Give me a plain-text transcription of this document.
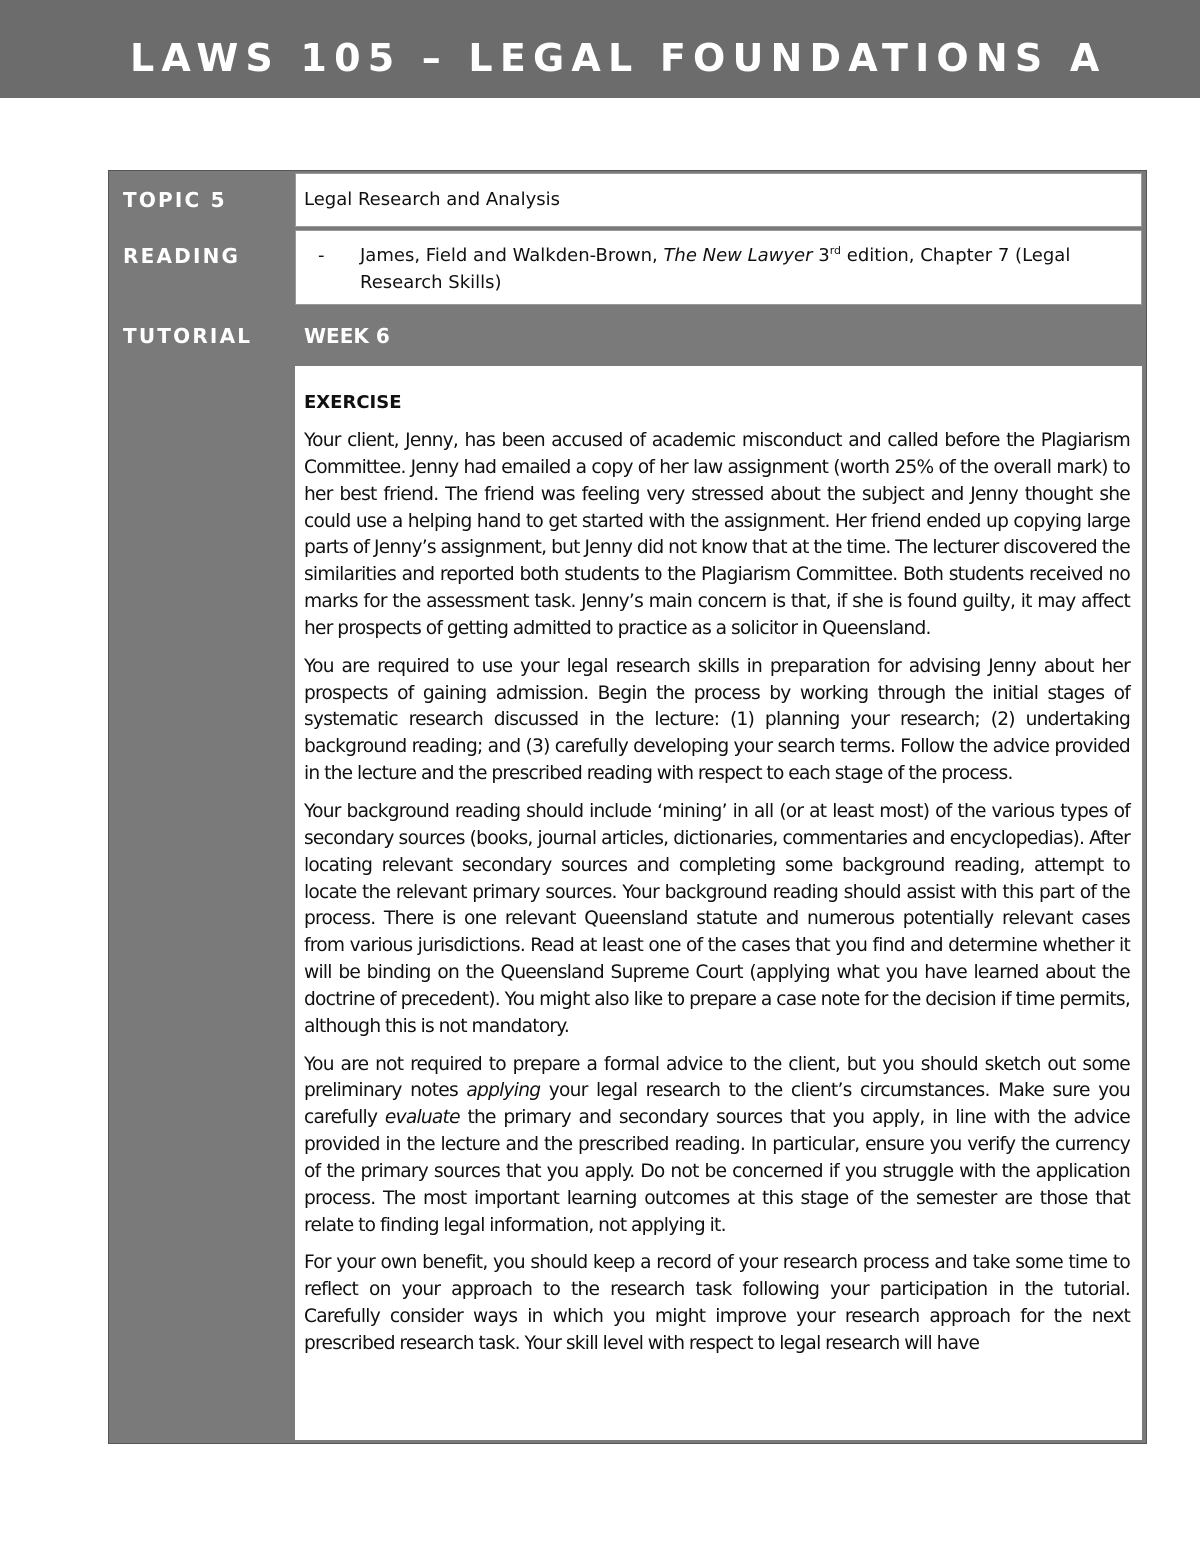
LAWS 105 – LEGAL FOUNDATIONS A
TOPIC 5	Legal Research and Analysis
READING	- James, Field and Walkden-Brown, The New Lawyer 3rd edition, Chapter 7 (Legal
Research Skills)
TUTORIAL	WEEK 6
EXERCISE

Your client, Jenny, has been accused of academic misconduct and called before the Plagiarism Committee. Jenny had emailed a copy of her law assignment (worth 25% of the overall mark) to her best friend. The friend was feeling very stressed about the subject and Jenny thought she could use a helping hand to get started with the assignment. Her friend ended up copying large parts of Jenny’s assignment, but Jenny did not know that at the time. The lecturer discovered the similarities and reported both students to the Plagiarism Committee. Both students received no marks for the assessment task. Jenny’s main concern is that, if she is found guilty, it may affect her prospects of getting admitted to practice as a solicitor in Queensland.

You are required to use your legal research skills in preparation for advising Jenny about her prospects of gaining admission. Begin the process by working through the initial stages of systematic research discussed in the lecture: (1) planning your research; (2) undertaking background reading; and (3) carefully developing your search terms. Follow the advice provided in the lecture and the prescribed reading with respect to each stage of the process.

Your background reading should include ‘mining’ in all (or at least most) of the various types of secondary sources (books, journal articles, dictionaries, commentaries and encyclopedias). After locating relevant secondary sources and completing some background reading, attempt to locate the relevant primary sources. Your background reading should assist with this part of the process. There is one relevant Queensland statute and numerous potentially relevant cases from various jurisdictions. Read at least one of the cases that you find and determine whether it will be binding on the Queensland Supreme Court (applying what you have learned about the doctrine of precedent). You might also like to prepare a case note for the decision if time permits, although this is not mandatory.

You are not required to prepare a formal advice to the client, but you should sketch out some preliminary notes applying your legal research to the client’s circumstances. Make sure you carefully evaluate the primary and secondary sources that you apply, in line with the advice provided in the lecture and the prescribed reading. In particular, ensure you verify the currency of the primary sources that you apply. Do not be concerned if you struggle with the application process. The most important learning outcomes at this stage of the semester are those that relate to finding legal information, not applying it.

For your own benefit, you should keep a record of your research process and take some time to reflect on your approach to the research task following your participation in the tutorial. Carefully consider ways in which you might improve your research approach for the next prescribed research task. Your skill level with respect to legal research will have
